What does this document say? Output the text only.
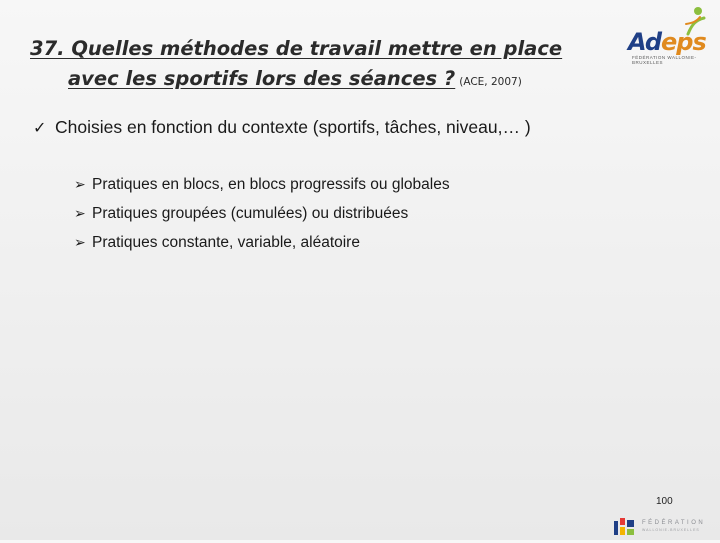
37. Quelles méthodes de travail mettre en place
avec les sportifs lors des séances ? (ACE, 2007)
Adeps
FÉDÉRATION WALLONIE-BRUXELLES
✓ Choisies en fonction du contexte (sportifs, tâches, niveau,… )
➢ Pratiques en blocs, en blocs progressifs ou globales
➢ Pratiques groupées (cumulées) ou distribuées
➢ Pratiques constante, variable, aléatoire
100
FÉDÉRATION
WALLONIE-BRUXELLES
